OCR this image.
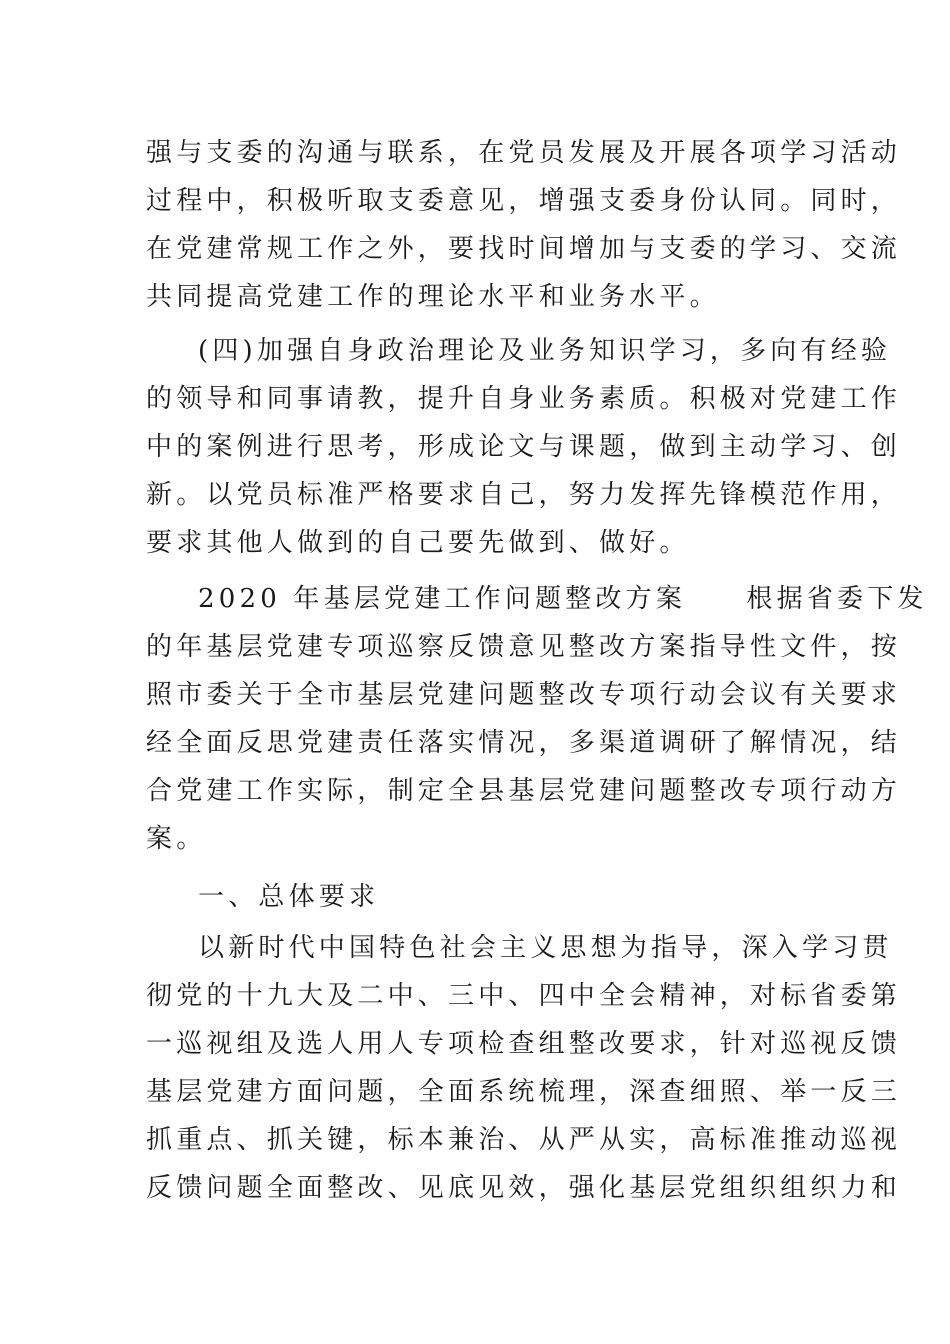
强与支委的沟通与联系，在党员发展及开展各项学习活动
过程中，积极听取支委意见，增强支委身份认同。同时，
在党建常规工作之外，要找时间增加与支委的学习、交流
共同提高党建工作的理论水平和业务水平。
(四)加强自身政治理论及业务知识学习，多向有经验
的领导和同事请教，提升自身业务素质。积极对党建工作
中的案例进行思考，形成论文与课题，做到主动学习、创
新。以党员标准严格要求自己，努力发挥先锋模范作用，
要求其他人做到的自己要先做到、做好。
2020 年基层党建工作问题整改方案　　根据省委下发
的年基层党建专项巡察反馈意见整改方案指导性文件，按
照市委关于全市基层党建问题整改专项行动会议有关要求
经全面反思党建责任落实情况，多渠道调研了解情况，结
合党建工作实际，制定全县基层党建问题整改专项行动方
案。
一、总体要求
以新时代中国特色社会主义思想为指导，深入学习贯
彻党的十九大及二中、三中、四中全会精神，对标省委第
一巡视组及选人用人专项检查组整改要求，针对巡视反馈
基层党建方面问题，全面系统梳理，深查细照、举一反三
抓重点、抓关键，标本兼治、从严从实，高标准推动巡视
反馈问题全面整改、见底见效，强化基层党组织组织力和
